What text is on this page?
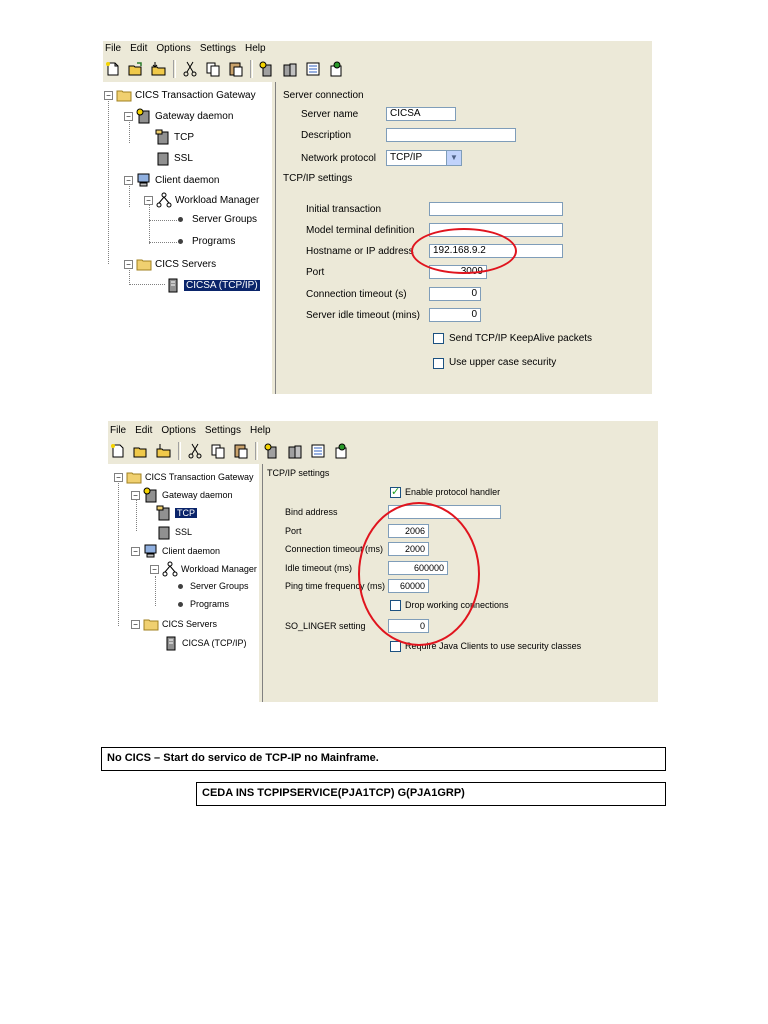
File Edit Options Settings Help
− CICS Transaction Gateway
− Gateway daemon
TCP
SSL
− Client daemon
− Workload Manager
Server Groups
Programs
− CICS Servers
CICSA (TCP/IP)
Server connection
Server name	CICSA
Description
Network protocol	TCP/IP	▼
TCP/IP settings
Initial transaction
Model terminal definition
Hostname or IP address	192.168.9.2
Port	3009
Connection timeout (s)	0
Server idle timeout (mins)	0
Send TCP/IP KeepAlive packets
Use upper case security
File Edit Options Settings Help
−	CICS Transaction Gateway
−	Gateway daemon
TCP
SSL
−	Client daemon
−	Workload Manager
Server Groups
Programs
−	CICS Servers
CICSA (TCP/IP)
TCP/IP settings
✓
Enable protocol handler
Bind address
Port	2006
Connection timeout (ms)	2000
Idle timeout (ms)	600000
Ping time frequency (ms)	60000
Drop working connections
SO_LINGER setting	0
Require Java Clients to use security classes
No CICS – Start do servico de TCP-IP no Mainframe.
CEDA INS TCPIPSERVICE(PJA1TCP) G(PJA1GRP)
